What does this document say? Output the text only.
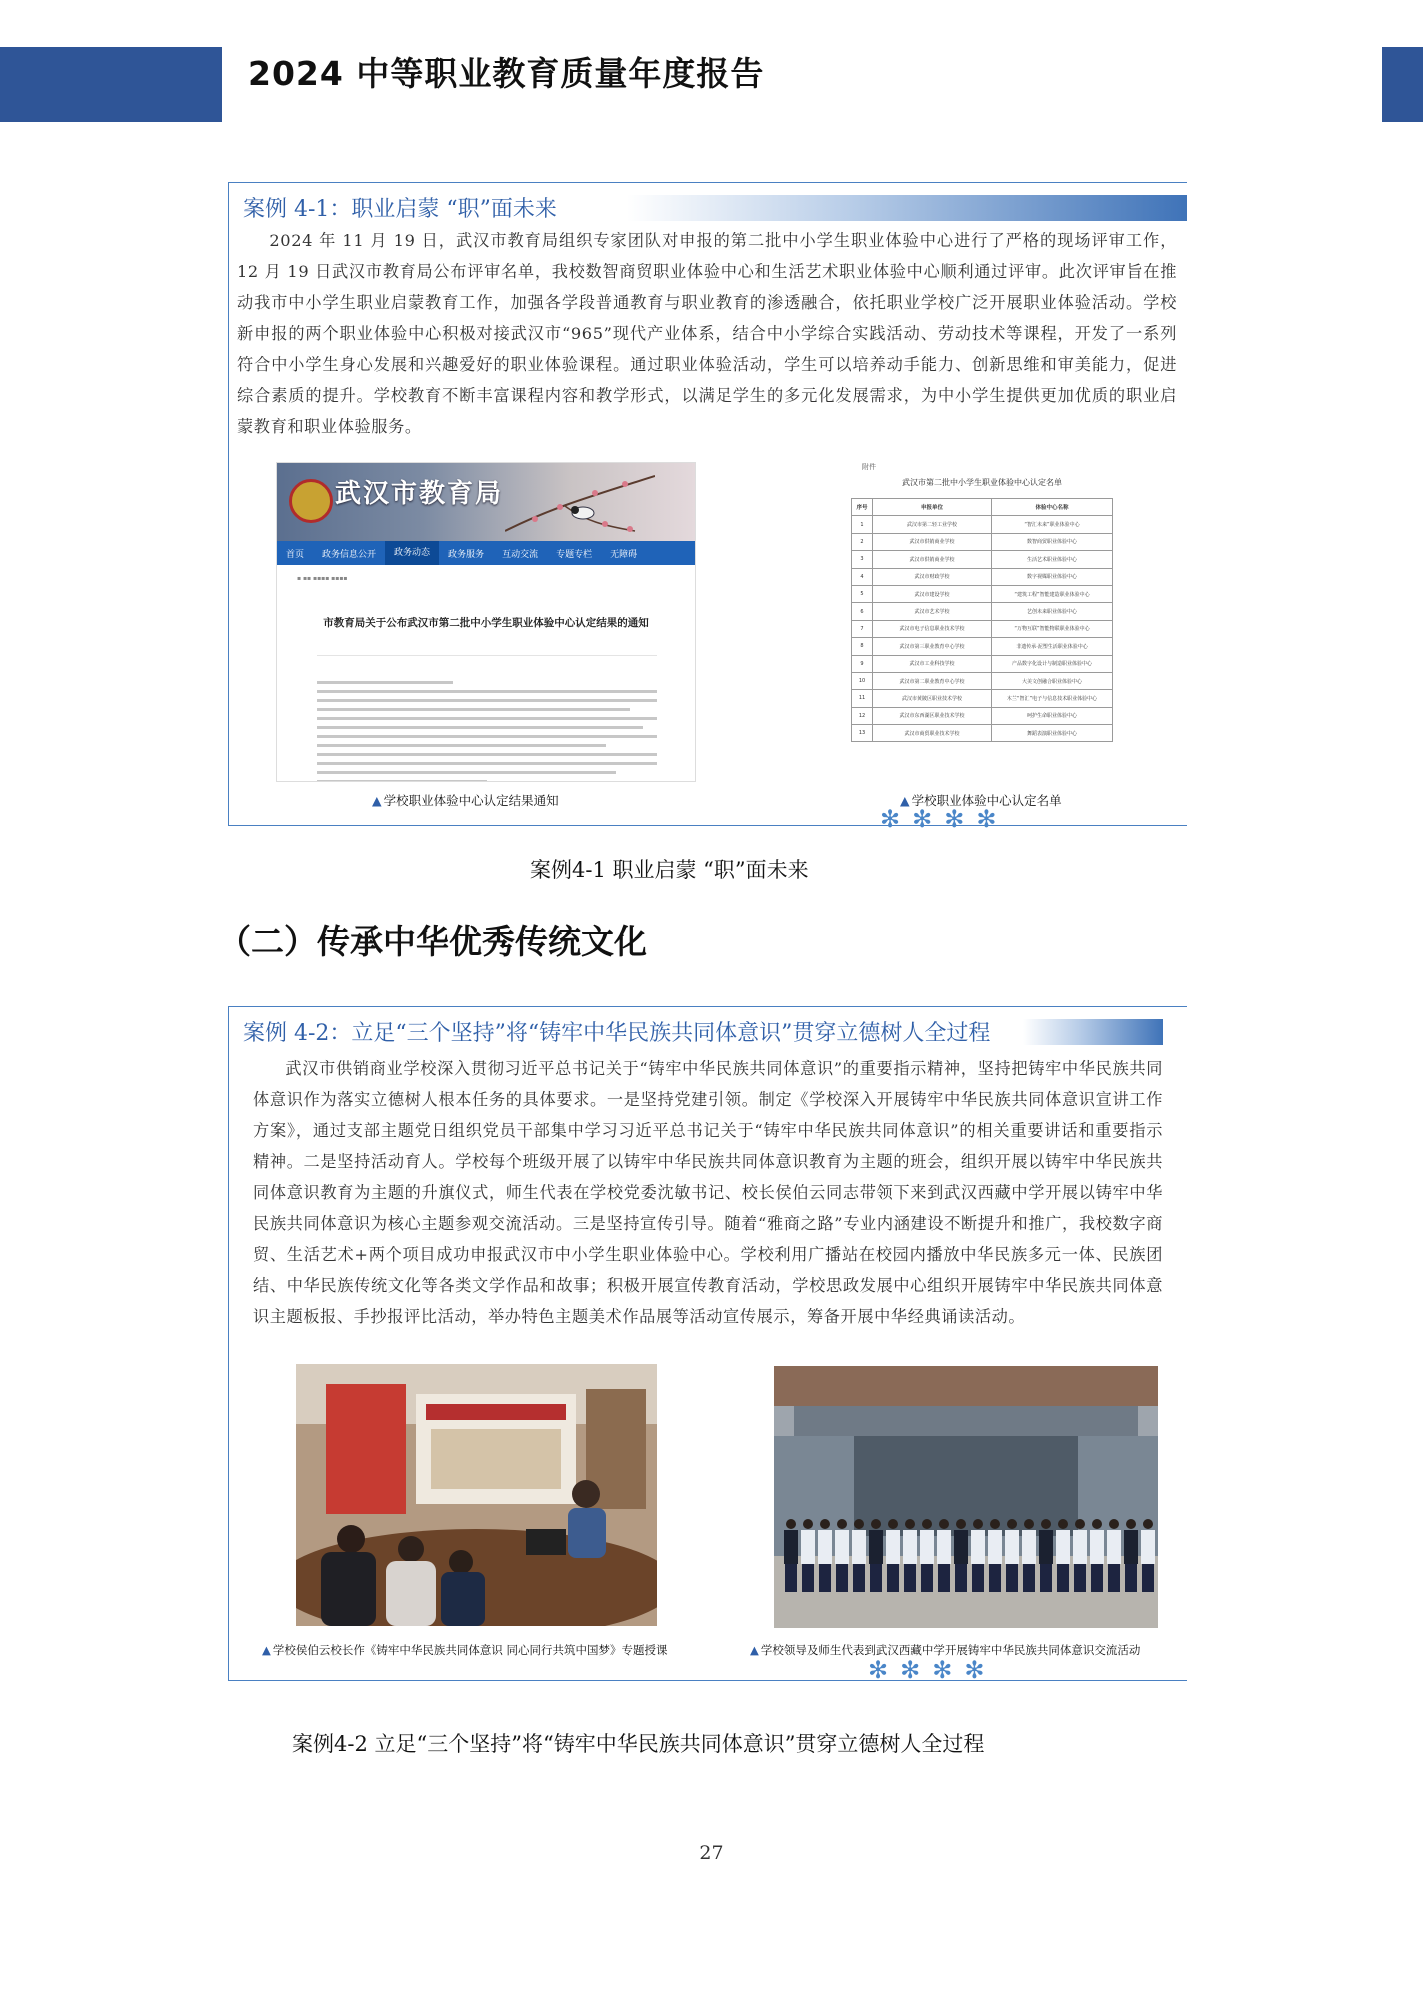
2024 中等职业教育质量年度报告
案例 4-1：职业启蒙 “职”面未来

2024 年 11 月 19 日，武汉市教育局组织专家团队对申报的第二批中小学生职业体验中心进行了严格的现场评审工作，12 月 19 日武汉市教育局公布评审名单，我校数智商贸职业体验中心和生活艺术职业体验中心顺利通过评审。此次评审旨在推动我市中小学生职业启蒙教育工作，加强各学段普通教育与职业教育的渗透融合，依托职业学校广泛开展职业体验活动。学校新申报的两个职业体验中心积极对接武汉市“965”现代产业体系，结合中小学综合实践活动、劳动技术等课程，开发了一系列符合中小学生身心发展和兴趣爱好的职业体验课程。通过职业体验活动，学生可以培养动手能力、创新思维和审美能力，促进综合素质的提升。学校教育不断丰富课程内容和教学形式，以满足学生的多元化发展需求，为中小学生提供更加优质的职业启蒙教育和职业体验服务。

武汉市教育局
首页	政务信息公开	政务动态	政务服务	互动交流	专题专栏	无障碍
▪ ▪▪ ▪▪▪▪ ▪▪▪▪
市教育局关于公布武汉市第二批中小学生职业体验中心认定结果的通知
附件
武汉市第二批中小学生职业体验中心认定名单
序号	申报单位	体验中心名称
1	武汉市第二轻工业学校	“智汇未来”职业体验中心
2	武汉市供销商业学校	数智商贸职业体验中心
3	武汉市供销商业学校	生活艺术职业体验中心
4	武汉市财政学校	数字视媒职业体验中心
5	武汉市建设学校	“建筑工程”智能建造职业体验中心
6	武汉市艺术学校	艺创未来职业体验中心
7	武汉市电子信息职业技术学校	“万物互联”智能物联职业体验中心
8	武汉市第三职业教育中心学校	非遗传承·泥塑生活职业体验中心
9	武汉市工业科技学校	产品数字化设计与制造职业体验中心
10	武汉市第二职业教育中心学校	大美文创融合职业体验中心
11	武汉市黄陂区职业技术学校	木兰“智汇”电子与信息技术职业体验中心
12	武汉市东西湖区职业技术学校	呵护生命职业体验中心
13	武汉市商贸职业技术学校	舞蹈表演职业体验中心
▲ 学校职业体验中心认定结果通知	▲ 学校职业体验中心认定名单
✻ ✻ ✻ ✻
案例4-1 职业启蒙 “职”面未来
（二）传承中华优秀传统文化
案例 4-2：立足“三个坚持”将“铸牢中华民族共同体意识”贯穿立德树人全过程

武汉市供销商业学校深入贯彻习近平总书记关于“铸牢中华民族共同体意识”的重要指示精神，坚持把铸牢中华民族共同体意识作为落实立德树人根本任务的具体要求。一是坚持党建引领。制定《学校深入开展铸牢中华民族共同体意识宣讲工作方案》，通过支部主题党日组织党员干部集中学习习近平总书记关于“铸牢中华民族共同体意识”的相关重要讲话和重要指示精神。二是坚持活动育人。学校每个班级开展了以铸牢中华民族共同体意识教育为主题的班会，组织开展以铸牢中华民族共同体意识教育为主题的升旗仪式，师生代表在学校党委沈敏书记、校长侯伯云同志带领下来到武汉西藏中学开展以铸牢中华民族共同体意识为核心主题参观交流活动。三是坚持宣传引导。随着“雅商之路”专业内涵建设不断提升和推广，我校数字商贸、生活艺术+两个项目成功申报武汉市中小学生职业体验中心。学校利用广播站在校园内播放中华民族多元一体、民族团结、中华民族传统文化等各类文学作品和故事；积极开展宣传教育活动，学校思政发展中心组织开展铸牢中华民族共同体意识主题板报、手抄报评比活动，举办特色主题美术作品展等活动宣传展示，筹备开展中华经典诵读活动。

▲ 学校侯伯云校长作《铸牢中华民族共同体意识 同心同行共筑中国梦》专题授课	▲ 学校领导及师生代表到武汉西藏中学开展铸牢中华民族共同体意识交流活动
✻ ✻ ✻ ✻
案例4-2 立足“三个坚持”将“铸牢中华民族共同体意识”贯穿立德树人全过程
27
